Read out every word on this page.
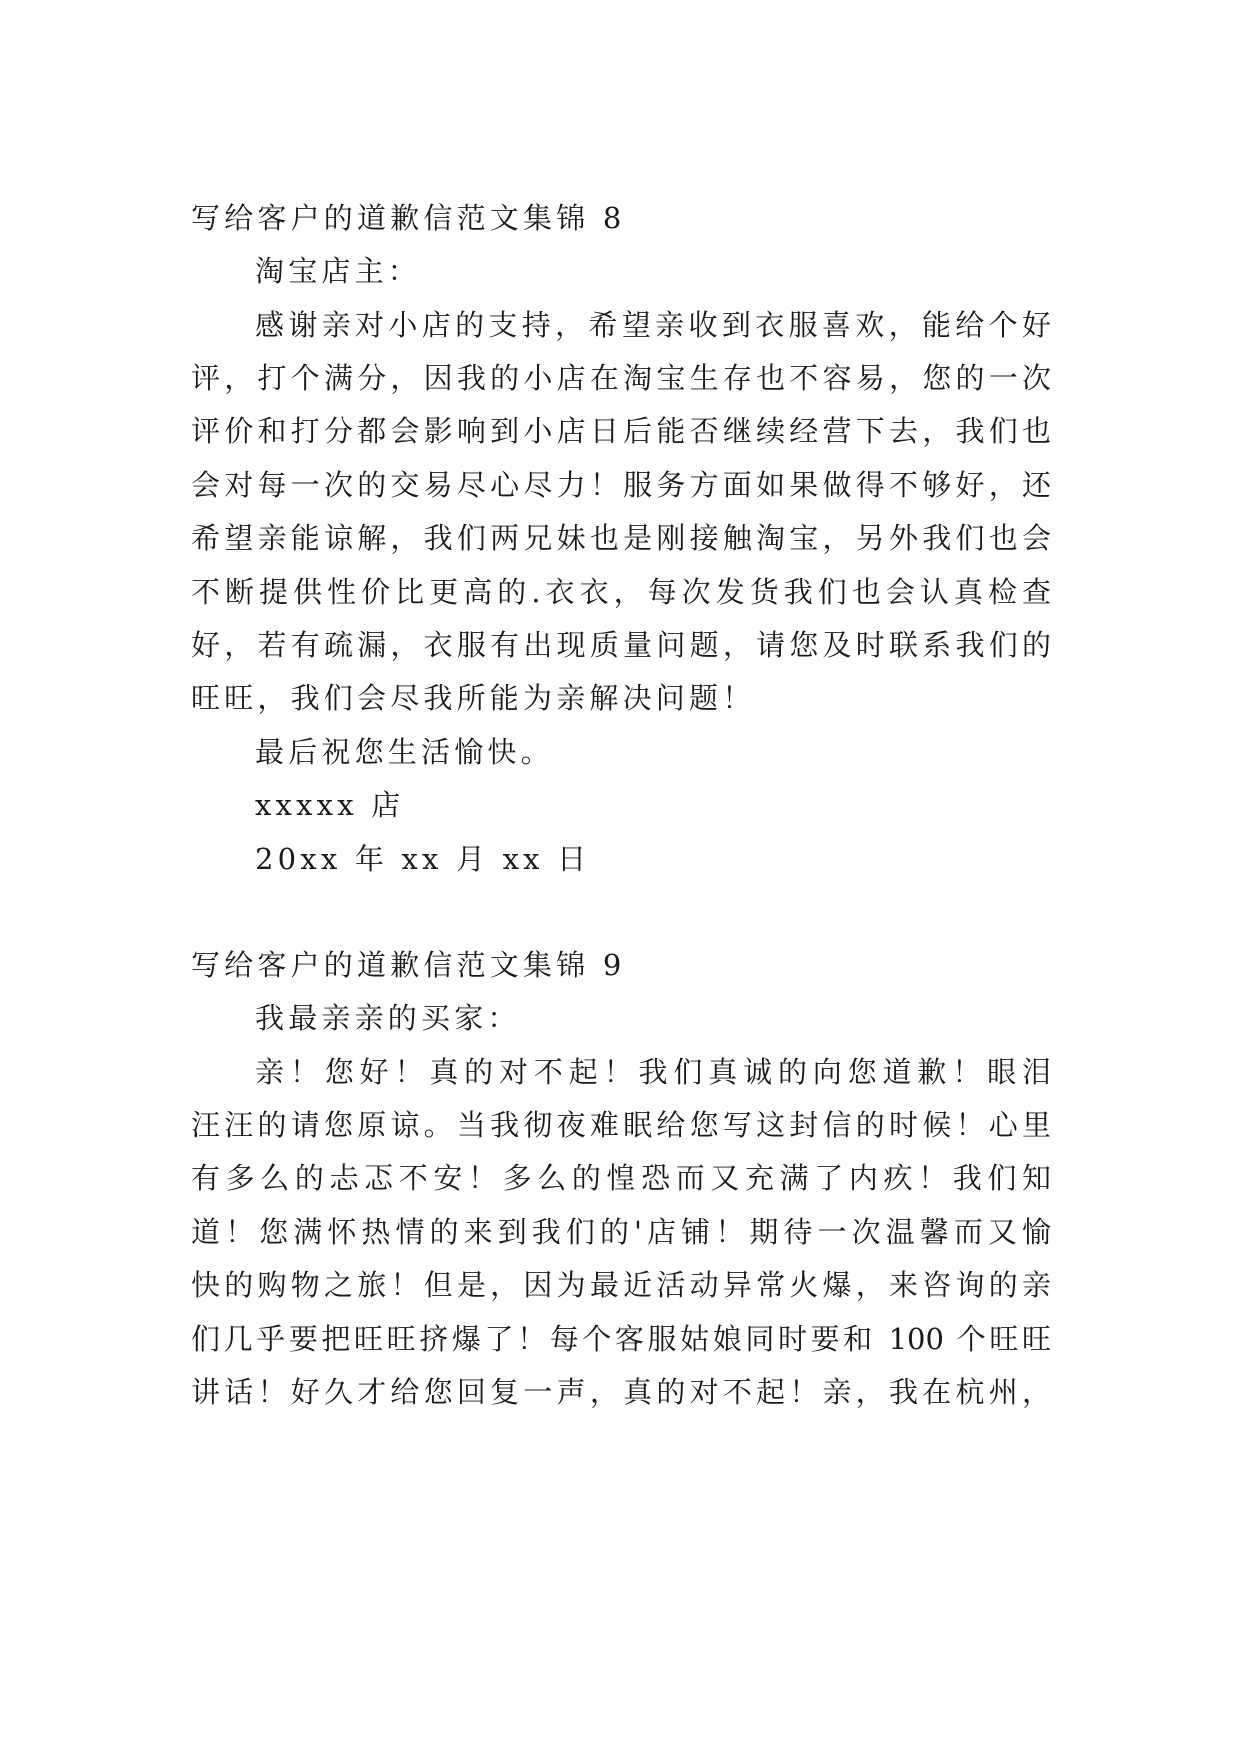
写给客户的道歉信范文集锦 8
淘宝店主：
感谢亲对小店的支持，希望亲收到衣服喜欢，能给个好
评，打个满分，因我的小店在淘宝生存也不容易，您的一次
评价和打分都会影响到小店日后能否继续经营下去，我们也
会对每一次的交易尽心尽力！服务方面如果做得不够好，还
希望亲能谅解，我们两兄妹也是刚接触淘宝，另外我们也会
不断提供性价比更高的.衣衣，每次发货我们也会认真检查
好，若有疏漏，衣服有出现质量问题，请您及时联系我们的
旺旺，我们会尽我所能为亲解决问题！
最后祝您生活愉快。
xxxxx 店
20xx 年 xx 月 xx 日
写给客户的道歉信范文集锦 9
我最亲亲的买家：
亲！您好！真的对不起！我们真诚的向您道歉！眼泪
汪汪的请您原谅。当我彻夜难眠给您写这封信的时候！心里
有多么的忐忑不安！多么的惶恐而又充满了内疚！我们知
道！您满怀热情的来到我们的'店铺！期待一次温馨而又愉
快的购物之旅！但是，因为最近活动异常火爆，来咨询的亲
们几乎要把旺旺挤爆了！每个客服姑娘同时要和 100 个旺旺
讲话！好久才给您回复一声，真的对不起！亲，我在杭州，
